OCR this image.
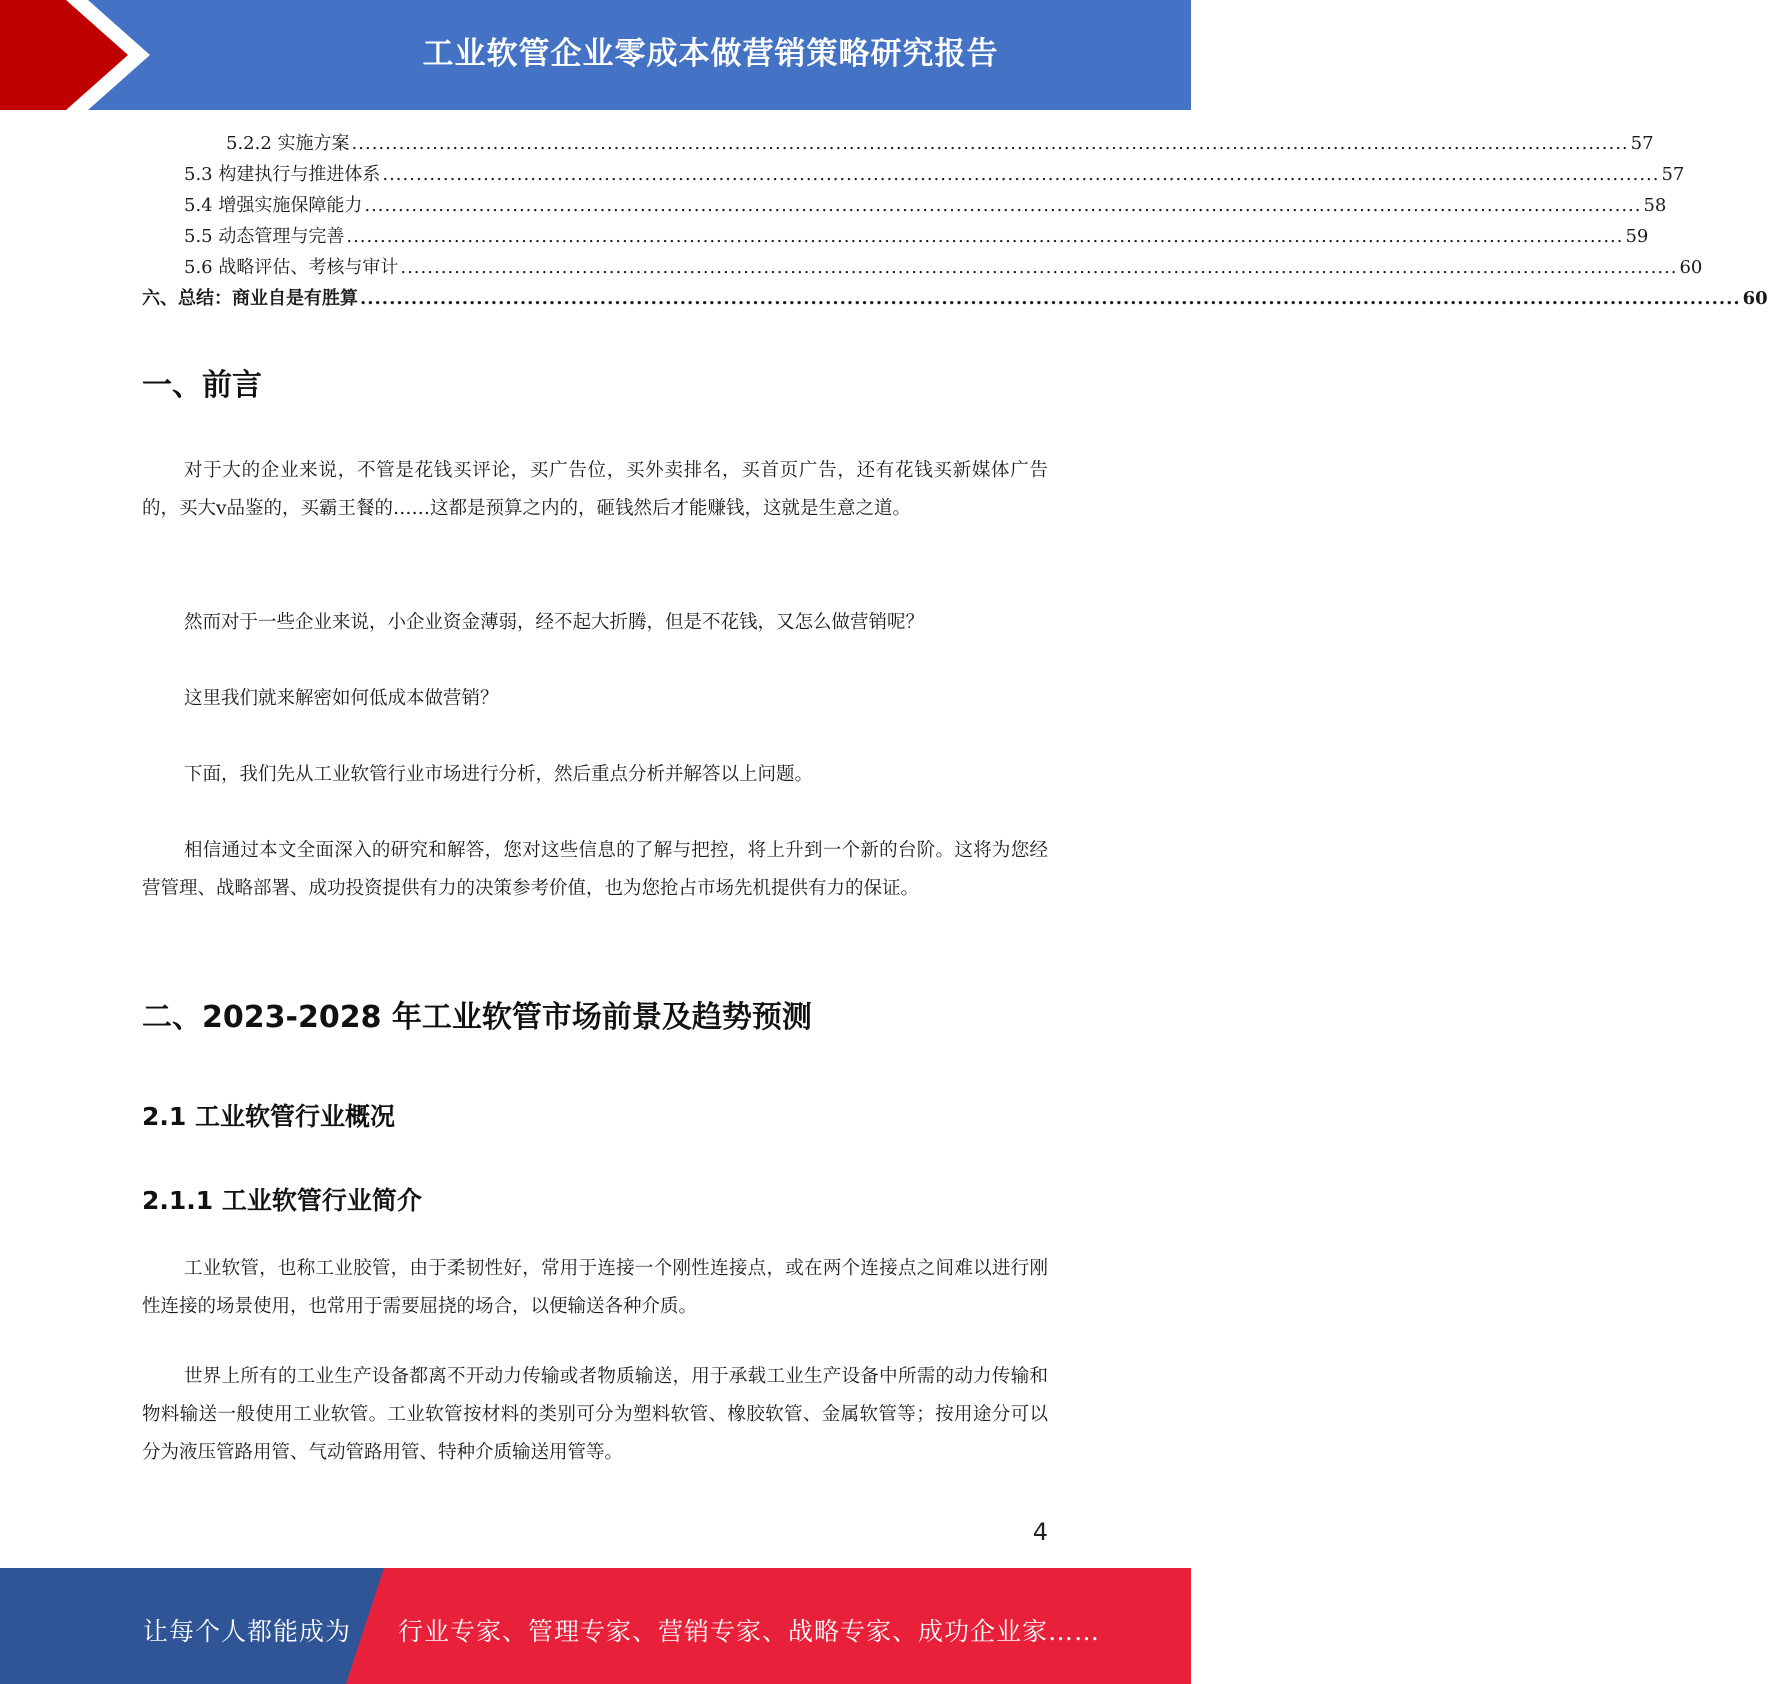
工业软管企业零成本做营销策略研究报告
5.2.2 实施方案 .............................................................................................................................................................................................. 57
5.3 构建执行与推进体系 .............................................................................................................................................................................................. 57
5.4 增强实施保障能力 .............................................................................................................................................................................................. 58
5.5 动态管理与完善 .............................................................................................................................................................................................. 59
5.6 战略评估、考核与审计 .............................................................................................................................................................................................. 60
六、总结：商业自是有胜算 .............................................................................................................................................................................................. 60
一、前言

对于大的企业来说，不管是花钱买评论，买广告位，买外卖排名，买首页广告，还有花钱买新媒体广告的，买大v品鉴的，买霸王餐的……这都是预算之内的，砸钱然后才能赚钱，这就是生意之道。

然而对于一些企业来说，小企业资金薄弱，经不起大折腾，但是不花钱，又怎么做营销呢？

这里我们就来解密如何低成本做营销？

下面，我们先从工业软管行业市场进行分析，然后重点分析并解答以上问题。

相信通过本文全面深入的研究和解答，您对这些信息的了解与把控，将上升到一个新的台阶。这将为您经营管理、战略部署、成功投资提供有力的决策参考价值，也为您抢占市场先机提供有力的保证。

二、2023-2028 年工业软管市场前景及趋势预测
2.1 工业软管行业概况
2.1.1 工业软管行业简介

工业软管，也称工业胶管，由于柔韧性好，常用于连接一个刚性连接点，或在两个连接点之间难以进行刚性连接的场景使用，也常用于需要屈挠的场合，以便输送各种介质。

世界上所有的工业生产设备都离不开动力传输或者物质输送，用于承载工业生产设备中所需的动力传输和物料输送一般使用工业软管。工业软管按材料的类别可分为塑料软管、橡胶软管、金属软管等；按用途分可以分为液压管路用管、气动管路用管、特种介质输送用管等。

4
让每个人都能成为 行业专家、管理专家、营销专家、战略专家、成功企业家……
